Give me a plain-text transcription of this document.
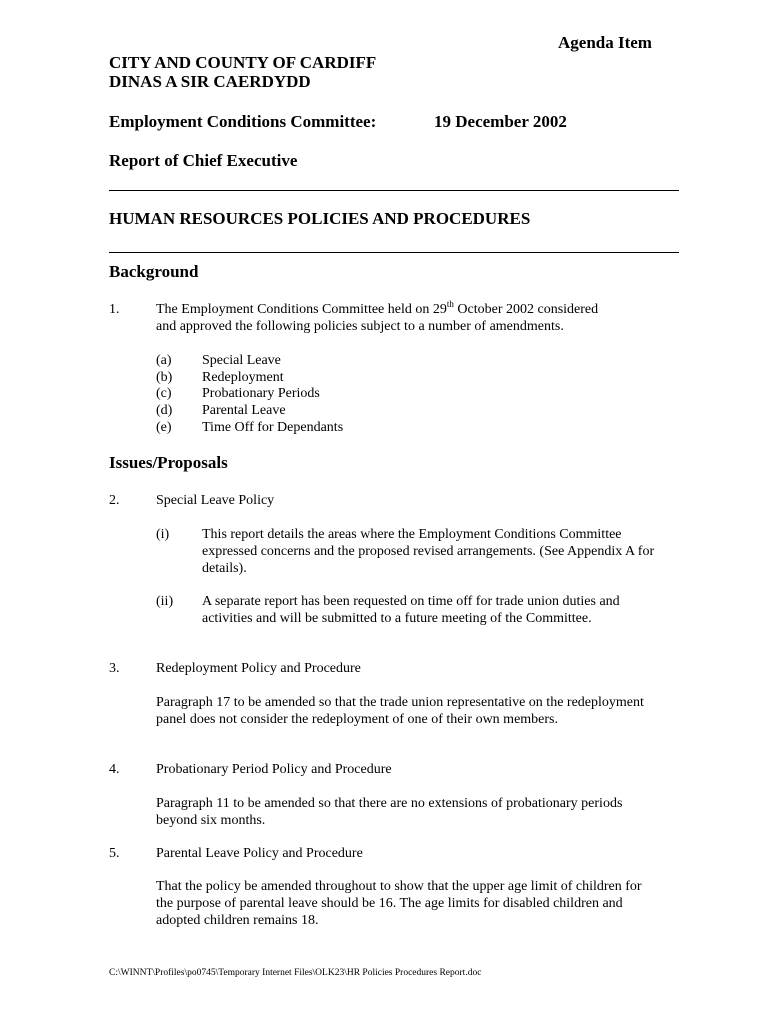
Agenda Item
CITY AND COUNTY OF CARDIFF
DINAS A SIR CAERDYDD
Employment Conditions Committee:	19 December 2002
Report of Chief Executive
HUMAN RESOURCES POLICIES AND PROCEDURES
Background
1.	The Employment Conditions Committee held on 29th October 2002 considered
and approved the following policies subject to a number of amendments.
(a) Special Leave
(b) Redeployment
(c) Probationary Periods
(d) Parental Leave
(e) Time Off for Dependants
Issues/Proposals
2.	Special Leave Policy
(i) This report details the areas where the Employment Conditions Committee expressed concerns and the proposed revised arrangements. (See Appendix A for details).
(ii) A separate report has been requested on time off for trade union duties and activities and will be submitted to a future meeting of the Committee.
3.	Redeployment Policy and Procedure
Paragraph 17 to be amended so that the trade union representative on the redeployment panel does not consider the redeployment of one of their own members.
4.	Probationary Period Policy and Procedure
Paragraph 11 to be amended so that there are no extensions of probationary periods beyond six months.
5.	Parental Leave Policy and Procedure
That the policy be amended throughout to show that the upper age limit of children for the purpose of parental leave should be 16. The age limits for disabled children and adopted children remains 18.
C:\WINNT\Profiles\po0745\Temporary Internet Files\OLK23\HR Policies Procedures Report.doc
